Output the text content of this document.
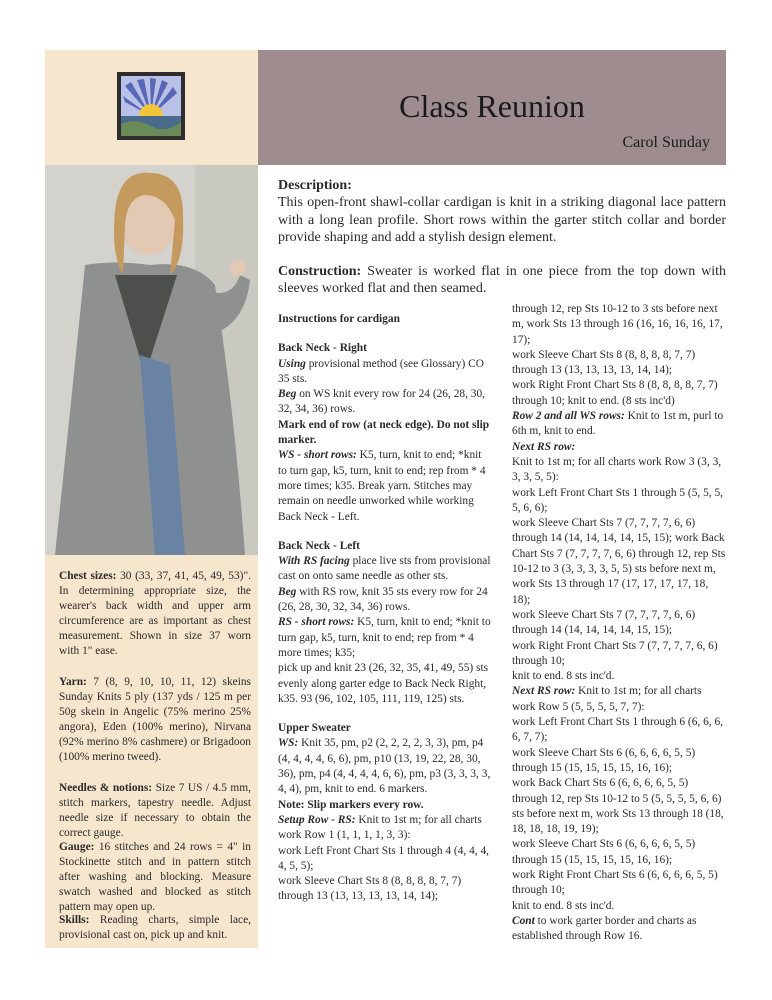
Class Reunion
Carol Sunday
Chest sizes: 30 (33, 37, 41, 45, 49, 53)". In determining appropriate size, the wearer's back width and upper arm circumference are as important as chest measurement. Shown in size 37 worn with 1" ease.
Yarn: 7 (8, 9, 10, 10, 11, 12) skeins Sunday Knits 5 ply (137 yds / 125 m per 50g skein in Angelic (75% merino 25% angora), Eden (100% merino), Nirvana (92% merino 8% cashmere) or Brigadoon (100% merino tweed).
Needles & notions: Size 7 US / 4.5 mm, stitch markers, tapestry needle. Adjust needle size if necessary to obtain the correct gauge.
Gauge: 16 stitches and 24 rows = 4" in Stockinette stitch and in pattern stitch after washing and blocking. Measure swatch washed and blocked as stitch pattern may open up.
Skills: Reading charts, simple lace, provisional cast on, pick up and knit.
Description:
This open-front shawl-collar cardigan is knit in a striking diagonal lace pattern with a long lean profile. Short rows within the garter stitch collar and border provide shaping and add a stylish design element.
Construction: Sweater is worked flat in one piece from the top down with sleeves worked flat and then seamed.
Instructions for cardigan
Back Neck - Right
Using provisional method (see Glossary) CO 35 sts.
Beg on WS knit every row for 24 (26, 28, 30, 32, 34, 36) rows.
Mark end of row (at neck edge). Do not slip marker.
WS - short rows: K5, turn, knit to end; *knit to turn gap, k5, turn, knit to end; rep from * 4 more times; k35. Break yarn. Stitches may remain on needle unworked while working Back Neck - Left.
Back Neck - Left
With RS facing place live sts from provisional cast on onto same needle as other sts.
Beg with RS row, knit 35 sts every row for 24 (26, 28, 30, 32, 34, 36) rows.
RS - short rows: K5, turn, knit to end; *knit to turn gap, k5, turn, knit to end; rep from * 4 more times; k35;
pick up and knit 23 (26, 32, 35, 41, 49, 55) sts evenly along garter edge to Back Neck Right, k35. 93 (96, 102, 105, 111, 119, 125) sts.
Upper Sweater
WS: Knit 35, pm, p2 (2, 2, 2, 2, 3, 3), pm, p4 (4, 4, 4, 4, 6, 6), pm, p10 (13, 19, 22, 28, 30, 36), pm, p4 (4, 4, 4, 4, 6, 6), pm, p3 (3, 3, 3, 3, 4, 4), pm, knit to end. 6 markers.
Note: Slip markers every row.
Setup Row - RS: Knit to 1st m; for all charts work Row 1 (1, 1, 1, 1, 3, 3):
work Left Front Chart Sts 1 through 4 (4, 4, 4, 4, 5, 5);
work Sleeve Chart Sts 8 (8, 8, 8, 8, 7, 7) through 13 (13, 13, 13, 13, 14, 14);
through 12, rep Sts 10-12 to 3 sts before next m, work Sts 13 through 16 (16, 16, 16, 16, 17, 17);
work Sleeve Chart Sts 8 (8, 8, 8, 8, 7, 7) through 13 (13, 13, 13, 13, 14, 14);
work Right Front Chart Sts 8 (8, 8, 8, 8, 7, 7) through 10; knit to end. (8 sts inc'd)
Row 2 and all WS rows: Knit to 1st m, purl to 6th m, knit to end.
Next RS row:
Knit to 1st m; for all charts work Row 3 (3, 3, 3, 3, 5, 5):
work Left Front Chart Sts 1 through 5 (5, 5, 5, 5, 6, 6);
work Sleeve Chart Sts 7 (7, 7, 7, 7, 6, 6) through 14 (14, 14, 14, 14, 15, 15); work Back Chart Sts 7 (7, 7, 7, 7, 6, 6) through 12, rep Sts 10-12 to 3 (3, 3, 3, 3, 5, 5) sts before next m, work Sts 13 through 17 (17, 17, 17, 17, 18, 18);
work Sleeve Chart Sts 7 (7, 7, 7, 7, 6, 6) through 14 (14, 14, 14, 14, 15, 15);
work Right Front Chart Sts 7 (7, 7, 7, 7, 6, 6) through 10;
knit to end. 8 sts inc'd.
Next RS row: Knit to 1st m; for all charts work Row 5 (5, 5, 5, 5, 7, 7):
work Left Front Chart Sts 1 through 6 (6, 6, 6, 6, 7, 7);
work Sleeve Chart Sts 6 (6, 6, 6, 6, 5, 5) through 15 (15, 15, 15, 15, 16, 16);
work Back Chart Sts 6 (6, 6, 6, 6, 5, 5) through 12, rep Sts 10-12 to 5 (5, 5, 5, 5, 6, 6) sts before next m, work Sts 13 through 18 (18, 18, 18, 18, 19, 19);
work Sleeve Chart Sts 6 (6, 6, 6, 6, 5, 5) through 15 (15, 15, 15, 15, 16, 16);
work Right Front Chart Sts 6 (6, 6, 6, 6, 5, 5) through 10;
knit to end. 8 sts inc'd.
Cont to work garter border and charts as established through Row 16.
